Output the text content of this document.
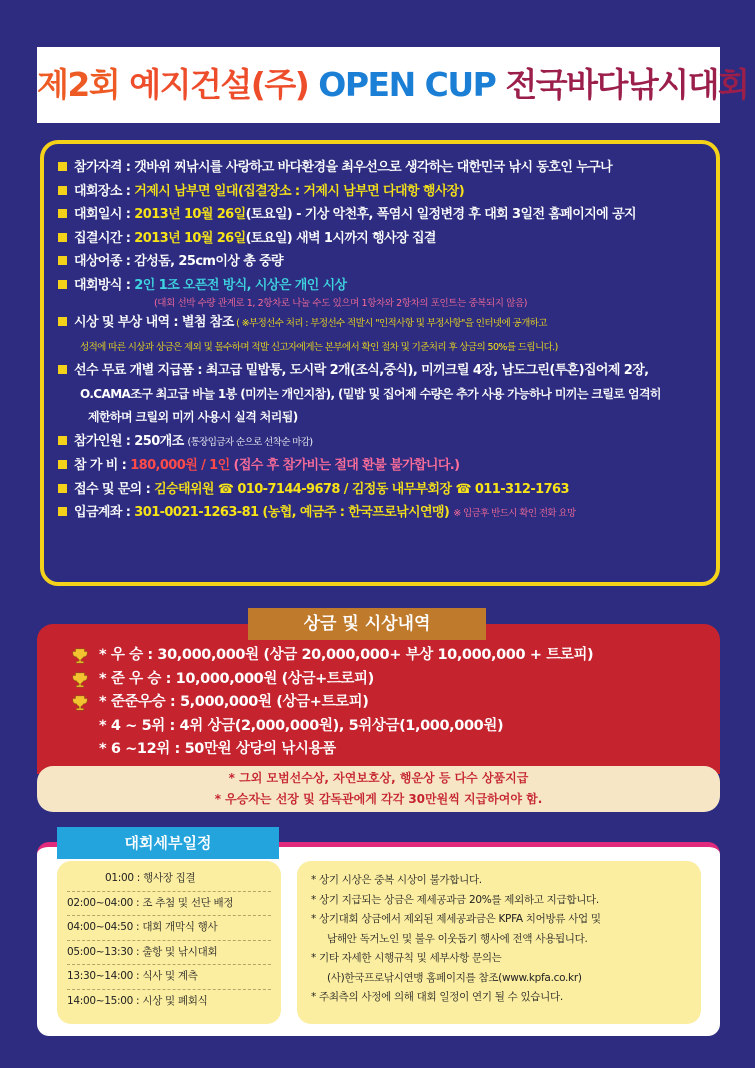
제2회 예지건설(주) OPEN CUP 전국바다낚시대회
참가자격 : 갯바위 찌낚시를 사랑하고 바다환경을 최우선으로 생각하는 대한민국 낚시 동호인 누구나
대회장소 : 거제시 남부면 일대(집결장소 : 거제시 남부면 다대항 행사장)
대회일시 : 2013년 10월 26일(토요일) - 기상 악천후, 폭염시 일정변경 후 대회 3일전 홈페이지에 공지
집결시간 : 2013년 10월 26일(토요일) 새벽 1시까지 행사장 집결
대상어종 : 감성돔, 25cm이상 총 중량
대회방식 : 2인 1조 오픈전 방식, 시상은 개인 시상
(대회 선박 수량 관계로 1, 2항차로 나눌 수도 있으며 1항차와 2항차의 포인트는 중복되지 않음)
시상 및 부상 내역 : 별첨 참조 ( ※부정선수 처리 : 부정선수 적발시 "인적사항 및 부정사항"을 인터넷에 공개하고
성적에 따른 시상과 상금은 제외 및 몰수하며 적발 신고자에게는 본부에서 확인 절차 및 기준처리 후 상금의 50%를 드립니다.)
선수 무료 개별 지급품 : 최고급 밑밥통, 도시락 2개(조식,중식), 미끼크릴 4장, 남도그린(투혼)집어제 2장,
O.CAMA조구 최고급 바늘 1봉 (미끼는 개인지참), (밑밥 및 집어제 수량은 추가 사용 가능하나 미끼는 크릴로 엄격히
제한하며 크릴외 미끼 사용시 실격 처리됨)
참가인원 : 250개조 (통장입금자 순으로 선착순 마감)
참 가 비 : 180,000원 / 1인 (접수 후 참가비는 절대 환불 불가합니다.)
접수 및 문의 : 김승태위원 ☎ 010-7144-9678 / 김정동 내무부회장 ☎ 011-312-1763
입금계좌 : 301-0021-1263-81 (농협, 예금주 : 한국프로낚시연맹) ※ 입금후 반드시 확인 전화 요망
상금 및 시상내역
* 우 승 : 30,000,000원 (상금 20,000,000+ 부상 10,000,000 + 트로피)
* 준 우 승 : 10,000,000원 (상금+트로피)
* 준준우승 : 5,000,000원 (상금+트로피)
* 4 ~ 5위 : 4위 상금(2,000,000원), 5위상금(1,000,000원)
* 6 ~12위 : 50만원 상당의 낚시용품
* 그외 모범선수상, 자연보호상, 행운상 등 다수 상품지급
* 우승자는 선장 및 감독관에게 각각 30만원씩 지급하여야 함.
대회세부일정
01:00 : 행사장 집결
02:00~04:00 : 조 추첨 및 선단 배정
04:00~04:50 : 대회 개막식 행사
05:00~13:30 : 출항 및 낚시대회
13:30~14:00 : 식사 및 계측
14:00~15:00 : 시상 및 폐회식
* 상기 시상은 중복 시상이 불가합니다.
* 상기 지급되는 상금은 제세공과금 20%를 제외하고 지급합니다.
* 상기대회 상금에서 제외된 제세공과금은 KPFA 치어방류 사업 및
남해안 독거노인 및 불우 이웃돕기 행사에 전액 사용됩니다.
* 기타 자세한 시행규칙 및 세부사항 문의는
(사)한국프로낚시연맹 홈페이지를 참조(www.kpfa.co.kr)
* 주최측의 사정에 의해 대회 일정이 연기 될 수 있습니다.
